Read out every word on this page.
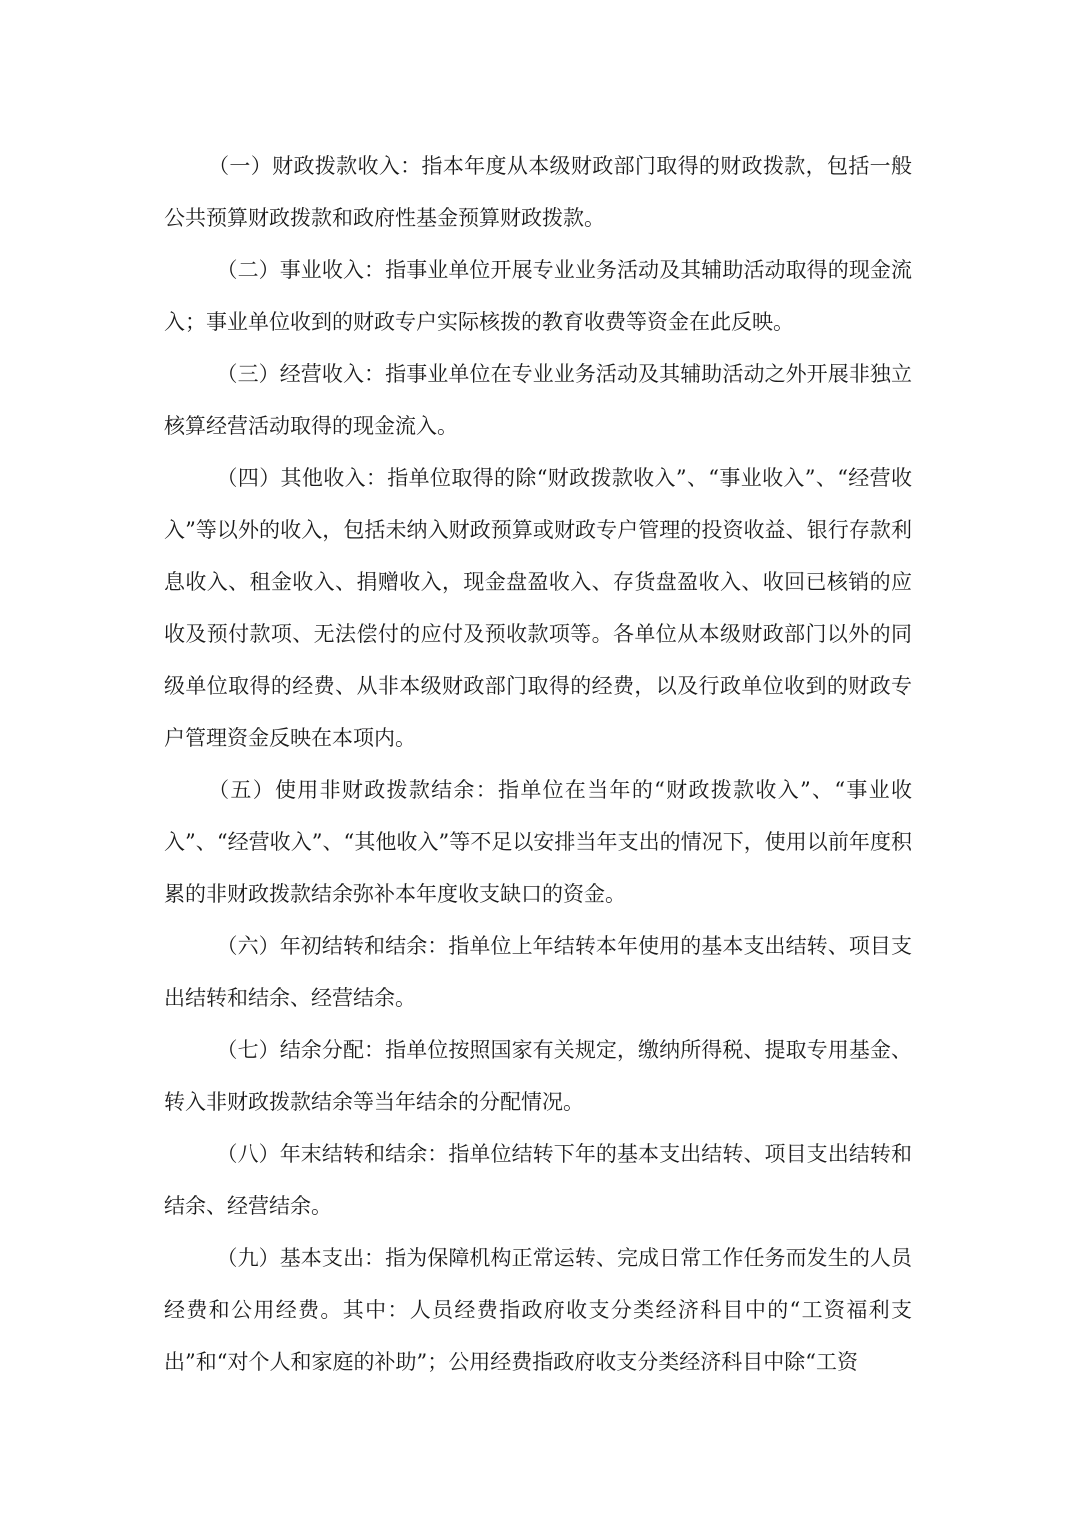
（一）财政拨款收入：指本年度从本级财政部门取得的财政拨款，包括一般公共预算财政拨款和政府性基金预算财政拨款。

（二）事业收入：指事业单位开展专业业务活动及其辅助活动取得的现金流入；事业单位收到的财政专户实际核拨的教育收费等资金在此反映。

（三）经营收入：指事业单位在专业业务活动及其辅助活动之外开展非独立核算经营活动取得的现金流入。

（四）其他收入：指单位取得的除“财政拨款收入”、“事业收入”、“经营收入”等以外的收入，包括未纳入财政预算或财政专户管理的投资收益、银行存款利息收入、租金收入、捐赠收入，现金盘盈收入、存货盘盈收入、收回已核销的应收及预付款项、无法偿付的应付及预收款项等。各单位从本级财政部门以外的同级单位取得的经费、从非本级财政部门取得的经费，以及行政单位收到的财政专户管理资金反映在本项内。

（五）使用非财政拨款结余：指单位在当年的“财政拨款收入”、“事业收入”、“经营收入”、“其他收入”等不足以安排当年支出的情况下，使用以前年度积累的非财政拨款结余弥补本年度收支缺口的资金。

（六）年初结转和结余：指单位上年结转本年使用的基本支出结转、项目支出结转和结余、经营结余。

（七）结余分配：指单位按照国家有关规定，缴纳所得税、提取专用基金、转入非财政拨款结余等当年结余的分配情况。

（八）年末结转和结余：指单位结转下年的基本支出结转、项目支出结转和结余、经营结余。

（九）基本支出：指为保障机构正常运转、完成日常工作任务而发生的人员经费和公用经费。其中：人员经费指政府收支分类经济科目中的“工资福利支出”和“对个人和家庭的补助”；公用经费指政府收支分类经济科目中除“工资
